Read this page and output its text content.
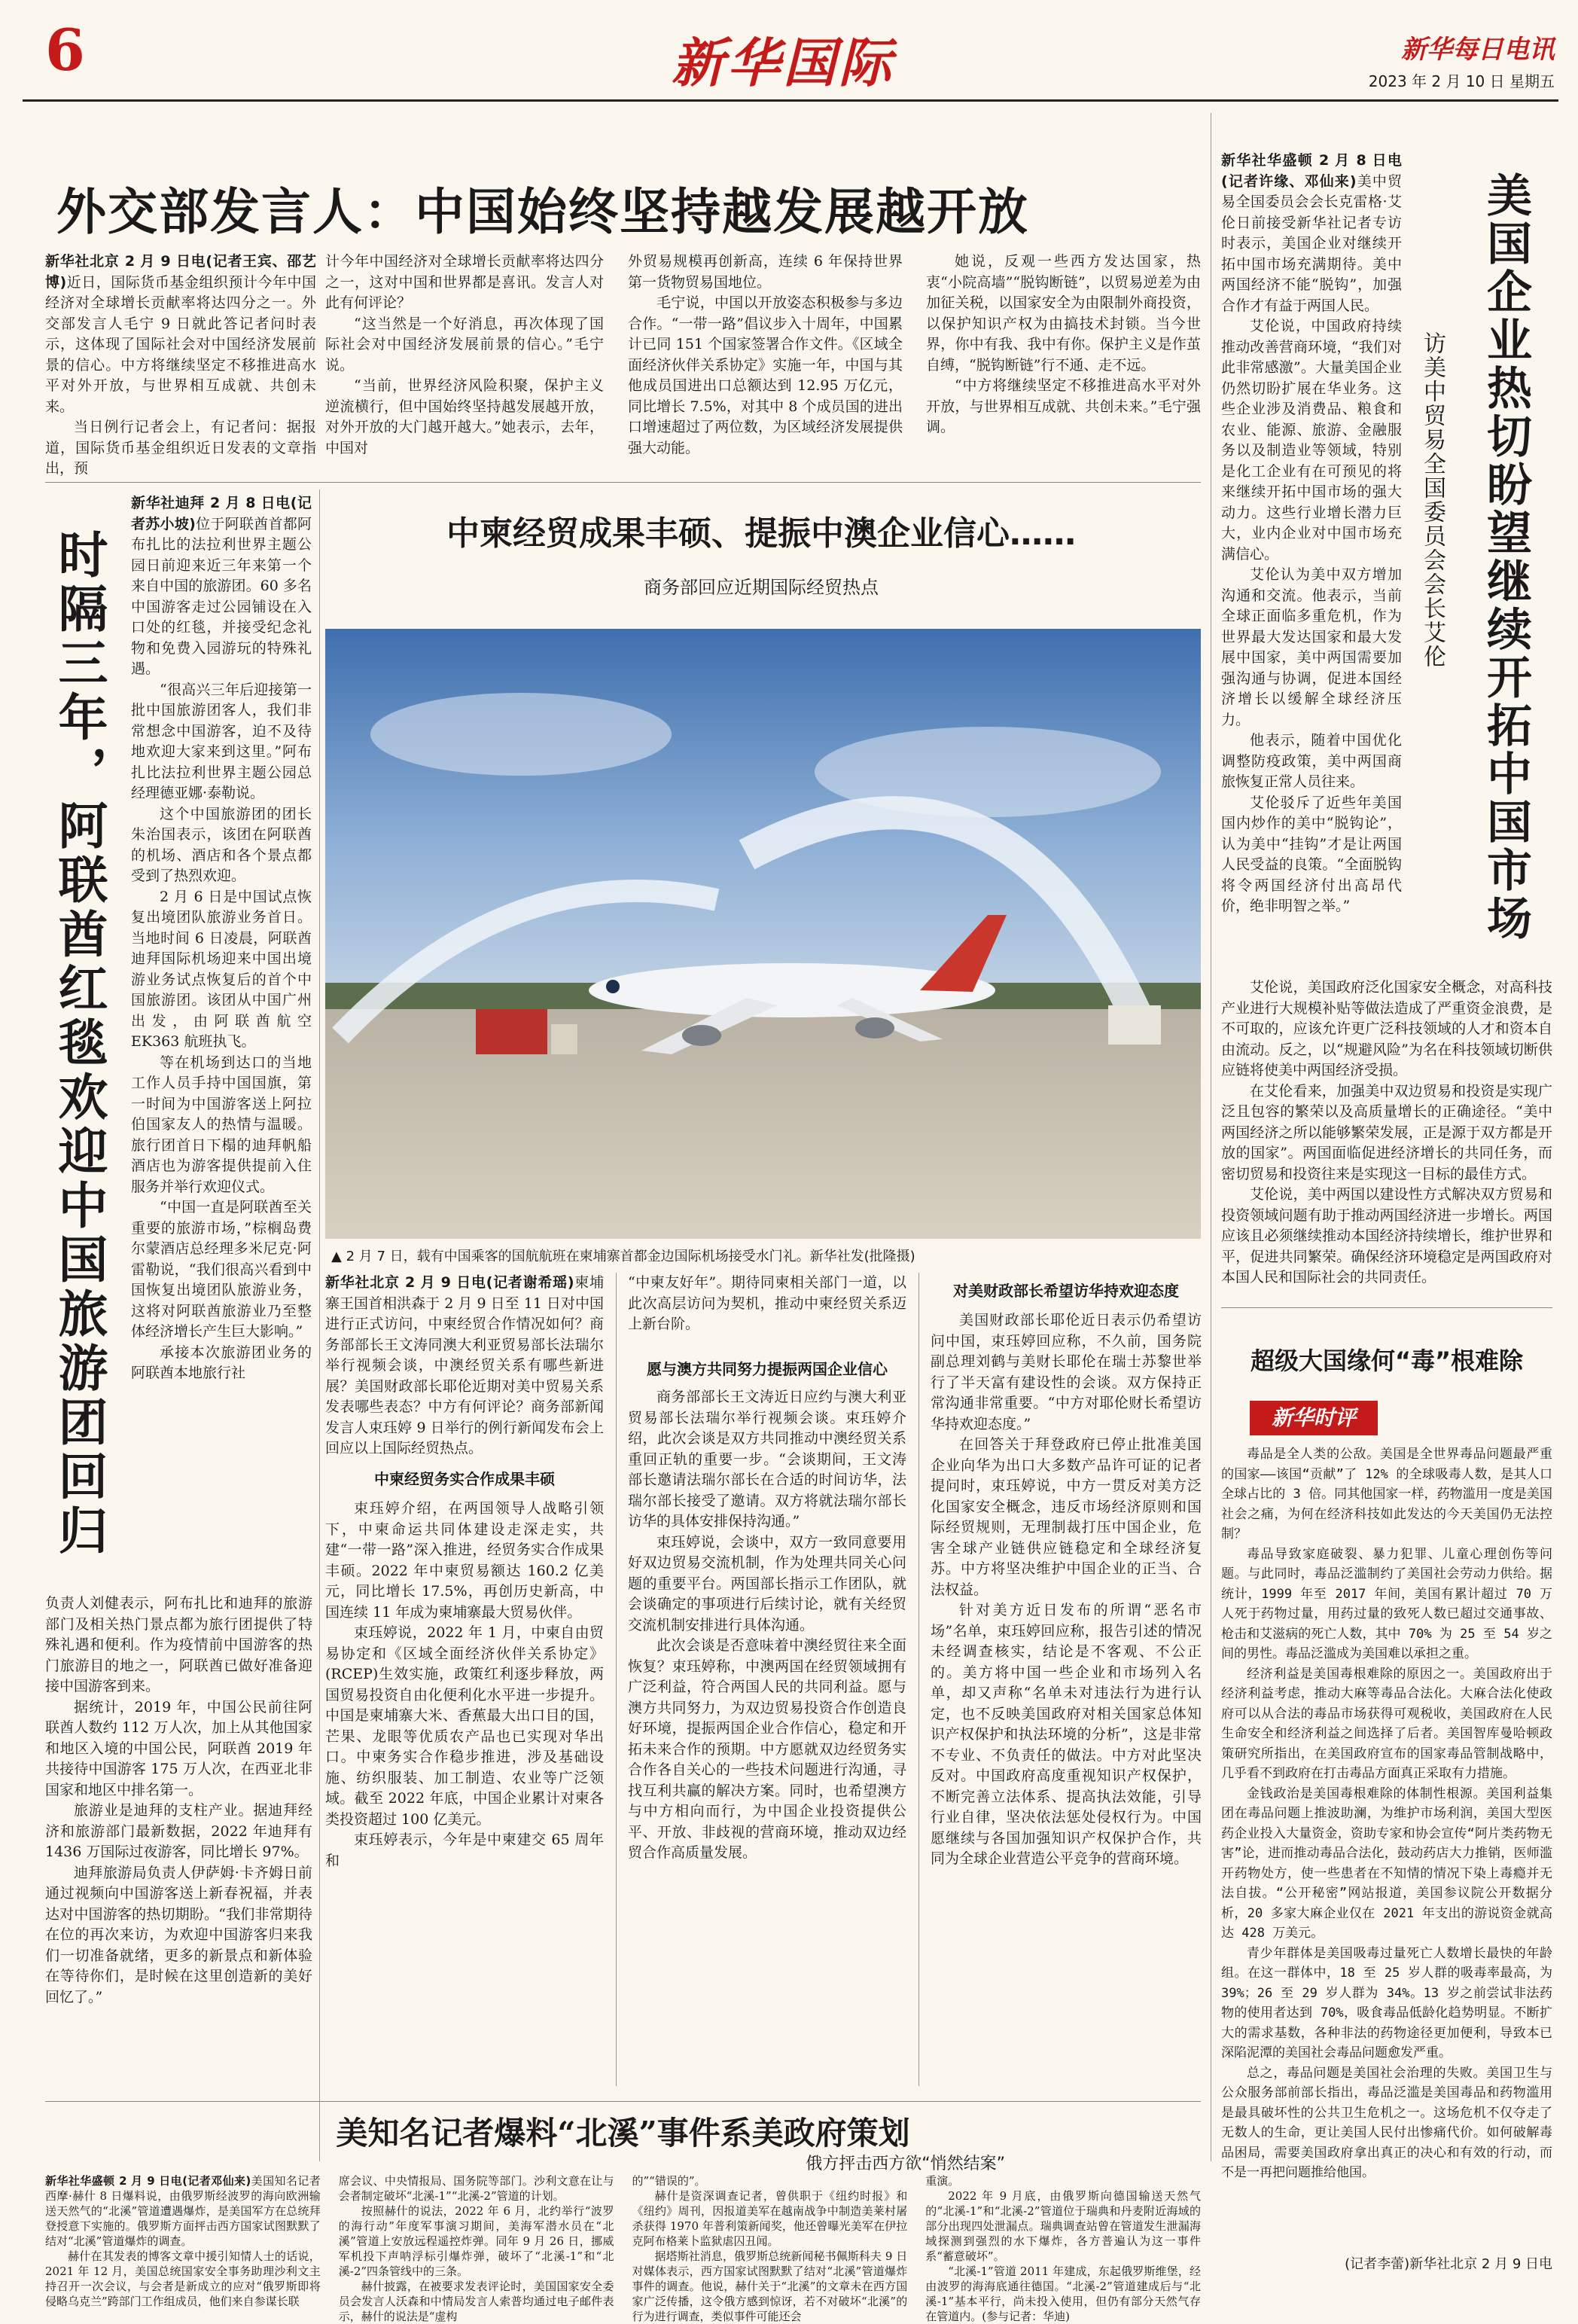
6	新华国际	新华每日电讯
2023 年 2 月 10 日 星期五
外交部发言人：中国始终坚持越发展越开放

新华社北京 2 月 9 日电(记者王宾、邵艺博)近日，国际货币基金组织预计今年中国经济对全球增长贡献率将达四分之一。外交部发言人毛宁 9 日就此答记者问时表示，这体现了国际社会对中国经济发展前景的信心。中方将继续坚定不移推进高水平对外开放，与世界相互成就、共创未来。

当日例行记者会上，有记者问：据报道，国际货币基金组织近日发表的文章指出，预

计今年中国经济对全球增长贡献率将达四分之一，这对中国和世界都是喜讯。发言人对此有何评论？

“这当然是一个好消息，再次体现了国际社会对中国经济发展前景的信心。”毛宁说。

“当前，世界经济风险积聚，保护主义逆流横行，但中国始终坚持越发展越开放，对外开放的大门越开越大。”她表示，去年，中国对

外贸易规模再创新高，连续 6 年保持世界第一货物贸易国地位。

毛宁说，中国以开放姿态积极参与多边合作。“一带一路”倡议步入十周年，中国累计已同 151 个国家签署合作文件。《区域全面经济伙伴关系协定》实施一年，中国与其他成员国进出口总额达到 12.95 万亿元，同比增长 7.5%，对其中 8 个成员国的进出口增速超过了两位数，为区域经济发展提供强大动能。

她说，反观一些西方发达国家，热衷“小院高墙”“脱钩断链”，以贸易逆差为由加征关税，以国家安全为由限制外商投资，以保护知识产权为由搞技术封锁。当今世界，你中有我、我中有你。保护主义是作茧自缚，“脱钩断链”行不通、走不远。

“中方将继续坚定不移推进高水平对外开放，与世界相互成就、共创未来。”毛宁强调。

时隔三年，阿联酋红毯欢迎中国旅游团回归

新华社迪拜 2 月 8 日电(记者苏小坡)位于阿联酋首都阿布扎比的法拉利世界主题公园日前迎来近三年来第一个来自中国的旅游团。60 多名中国游客走过公园铺设在入口处的红毯，并接受纪念礼物和免费入园游玩的特殊礼遇。

“很高兴三年后迎接第一批中国旅游团客人，我们非常想念中国游客，迫不及待地欢迎大家来到这里。”阿布扎比法拉利世界主题公园总经理德亚娜·泰勒说。

这个中国旅游团的团长朱治国表示，该团在阿联酋的机场、酒店和各个景点都受到了热烈欢迎。

2 月 6 日是中国试点恢复出境团队旅游业务首日。当地时间 6 日凌晨，阿联酋迪拜国际机场迎来中国出境游业务试点恢复后的首个中国旅游团。该团从中国广州出发，由阿联酋航空 EK363 航班执飞。

等在机场到达口的当地工作人员手持中国国旗，第一时间为中国游客送上阿拉伯国家友人的热情与温暖。旅行团首日下榻的迪拜帆船酒店也为游客提供提前入住服务并举行欢迎仪式。

“中国一直是阿联酋至关重要的旅游市场，”棕榈岛费尔蒙酒店总经理多米尼克·阿雷勒说，“我们很高兴看到中国恢复出境团队旅游业务，这将对阿联酋旅游业乃至整体经济增长产生巨大影响。”

承接本次旅游团业务的阿联酋本地旅行社

负责人刘健表示，阿布扎比和迪拜的旅游部门及相关热门景点都为旅行团提供了特殊礼遇和便利。作为疫情前中国游客的热门旅游目的地之一，阿联酋已做好准备迎接中国游客到来。

据统计，2019 年，中国公民前往阿联酋人数约 112 万人次，加上从其他国家和地区入境的中国公民，阿联酋 2019 年共接待中国游客 175 万人次，在西亚北非国家和地区中排名第一。

旅游业是迪拜的支柱产业。据迪拜经济和旅游部门最新数据，2022 年迪拜有 1436 万国际过夜游客，同比增长 97%。

迪拜旅游局负责人伊萨姆·卡齐姆日前通过视频向中国游客送上新春祝福，并表达对中国游客的热切期盼。“我们非常期待在位的再次来访，为欢迎中国游客归来我们一切准备就绪，更多的新景点和新体验在等待你们，是时候在这里创造新的美好回忆了。”

中柬经贸成果丰硕、提振中澳企业信心……
商务部回应近期国际经贸热点
▲ 2 月 7 日，载有中国乘客的国航航班在柬埔寨首都金边国际机场接受水门礼。新华社发(批隆摄)

新华社北京 2 月 9 日电(记者谢希瑶)柬埔寨王国首相洪森于 2 月 9 日至 11 日对中国进行正式访问，中柬经贸合作情况如何？商务部部长王文涛同澳大利亚贸易部长法瑞尔举行视频会谈，中澳经贸关系有哪些新进展？美国财政部长耶伦近期对美中贸易关系发表哪些表态？中方有何评论？商务部新闻发言人束珏婷 9 日举行的例行新闻发布会上回应以上国际经贸热点。

中柬经贸务实合作成果丰硕

束珏婷介绍，在两国领导人战略引领下，中柬命运共同体建设走深走实，共建“一带一路”深入推进，经贸务实合作成果丰硕。2022 年中柬贸易额达 160.2 亿美元，同比增长 17.5%，再创历史新高，中国连续 11 年成为柬埔寨最大贸易伙伴。

束珏婷说，2022 年 1 月，中柬自由贸易协定和《区域全面经济伙伴关系协定》(RCEP)生效实施，政策红利逐步释放，两国贸易投资自由化便利化水平进一步提升。中国是柬埔寨大米、香蕉最大出口目的国，芒果、龙眼等优质农产品也已实现对华出口。中柬务实合作稳步推进，涉及基础设施、纺织服装、加工制造、农业等广泛领域。截至 2022 年底，中国企业累计对柬各类投资超过 100 亿美元。

束珏婷表示，今年是中柬建交 65 周年和

“中柬友好年”。期待同柬相关部门一道，以此次高层访问为契机，推动中柬经贸关系迈上新台阶。

愿与澳方共同努力提振两国企业信心

商务部部长王文涛近日应约与澳大利亚贸易部长法瑞尔举行视频会谈。束珏婷介绍，此次会谈是双方共同推动中澳经贸关系重回正轨的重要一步。“会谈期间，王文涛部长邀请法瑞尔部长在合适的时间访华，法瑞尔部长接受了邀请。双方将就法瑞尔部长访华的具体安排保持沟通。”

束珏婷说，会谈中，双方一致同意要用好双边贸易交流机制，作为处理共同关心问题的重要平台。两国部长指示工作团队，就会谈确定的事项进行后续讨论，就有关经贸交流机制安排进行具体沟通。

此次会谈是否意味着中澳经贸往来全面恢复？束珏婷称，中澳两国在经贸领域拥有广泛利益，符合两国人民的共同利益。愿与澳方共同努力，为双边贸易投资合作创造良好环境，提振两国企业合作信心，稳定和开拓未来合作的预期。中方愿就双边经贸务实合作各自关心的一些技术问题进行沟通，寻找互利共赢的解决方案。同时，也希望澳方与中方相向而行，为中国企业投资提供公平、开放、非歧视的营商环境，推动双边经贸合作高质量发展。

对美财政部长希望访华持欢迎态度

美国财政部长耶伦近日表示仍希望访问中国，束珏婷回应称，不久前，国务院副总理刘鹤与美财长耶伦在瑞士苏黎世举行了半天富有建设性的会谈。双方保持正常沟通非常重要。“中方对耶伦财长希望访华持欢迎态度。”

在回答关于拜登政府已停止批准美国企业向华为出口大多数产品许可证的记者提问时，束珏婷说，中方一贯反对美方泛化国家安全概念，违反市场经济原则和国际经贸规则，无理制裁打压中国企业，危害全球产业链供应链稳定和全球经济复苏。中方将坚决维护中国企业的正当、合法权益。

针对美方近日发布的所谓“恶名市场”名单，束珏婷回应称，报告引述的情况未经调查核实，结论是不客观、不公正的。美方将中国一些企业和市场列入名单，却又声称“名单未对违法行为进行认定，也不反映美国政府对相关国家总体知识产权保护和执法环境的分析”，这是非常不专业、不负责任的做法。中方对此坚决反对。中国政府高度重视知识产权保护，不断完善立法体系、提高执法效能，引导行业自律，坚决依法惩处侵权行为。中国愿继续与各国加强知识产权保护合作，共同为全球企业营造公平竞争的营商环境。

新华社华盛顿 2 月 8 日电(记者许缘、邓仙来)美中贸易全国委员会会长克雷格·艾伦日前接受新华社记者专访时表示，美国企业对继续开拓中国市场充满期待。美中两国经济不能“脱钩”，加强合作才有益于两国人民。

艾伦说，中国政府持续推动改善营商环境，“我们对此非常感激”。大量美国企业仍然切盼扩展在华业务。这些企业涉及消费品、粮食和农业、能源、旅游、金融服务以及制造业等领域，特别是化工企业有在可预见的将来继续开拓中国市场的强大动力。这些行业增长潜力巨大，业内企业对中国市场充满信心。

艾伦认为美中双方增加沟通和交流。他表示，当前全球正面临多重危机，作为世界最大发达国家和最大发展中国家，美中两国需要加强沟通与协调，促进本国经济增长以缓解全球经济压力。

他表示，随着中国优化调整防疫政策，美中两国商旅恢复正常人员往来。

艾伦驳斥了近些年美国国内炒作的美中“脱钩论”，认为美中“挂钩”才是让两国人民受益的良策。“全面脱钩将令两国经济付出高昂代价，绝非明智之举。”	美国企业热切盼望继续开拓中国市场
访美中贸易全国委员会会长艾伦

艾伦说，美国政府泛化国家安全概念，对高科技产业进行大规模补贴等做法造成了严重资金浪费，是不可取的，应该允许更广泛科技领域的人才和资本自由流动。反之，以“规避风险”为名在科技领域切断供应链将使美中两国经济受损。

在艾伦看来，加强美中双边贸易和投资是实现广泛且包容的繁荣以及高质量增长的正确途径。“美中两国经济之所以能够繁荣发展，正是源于双方都是开放的国家”。两国面临促进经济增长的共同任务，而密切贸易和投资往来是实现这一目标的最佳方式。

艾伦说，美中两国以建设性方式解决双方贸易和投资领域问题有助于推动两国经济进一步增长。两国应该且必须继续推动本国经济持续增长，维护世界和平，促进共同繁荣。确保经济环境稳定是两国政府对本国人民和国际社会的共同责任。

超级大国缘何“毒”根难除
新华时评

毒品是全人类的公敌。美国是全世界毒品问题最严重的国家——该国“贡献”了 12% 的全球吸毒人数，是其人口全球占比的 3 倍。同其他国家一样，药物滥用一度是美国社会之痛，为何在经济科技如此发达的今天美国仍无法控制？

毒品导致家庭破裂、暴力犯罪、儿童心理创伤等问题。与此同时，毒品泛滥制约了美国社会劳动力供给。据统计，1999 年至 2017 年间，美国有累计超过 70 万人死于药物过量，用药过量的致死人数已超过交通事故、枪击和艾滋病的死亡人数，其中 70% 为 25 至 54 岁之间的男性。毒品泛滥成为美国难以承担之重。

经济利益是美国毒根难除的原因之一。美国政府出于经济利益考虑，推动大麻等毒品合法化。大麻合法化使政府可以从合法的毒品市场获得可观税收，美国政府在人民生命安全和经济利益之间选择了后者。美国智库曼哈顿政策研究所指出，在美国政府宣布的国家毒品管制战略中，几乎看不到政府在打击毒品方面真正采取有力措施。

金钱政治是美国毒根难除的体制性根源。美国利益集团在毒品问题上推波助澜，为维护市场利润，美国大型医药企业投入大量资金，资助专家和协会宣传“阿片类药物无害”论，进而推动毒品合法化，鼓动药店大力推销，医师滥开药物处方，使一些患者在不知情的情况下染上毒瘾并无法自拔。“公开秘密”网站报道，美国参议院公开数据分析，20 多家大麻企业仅在 2021 年支出的游说资金就高达 428 万美元。

青少年群体是美国吸毒过量死亡人数增长最快的年龄组。在这一群体中，18 至 25 岁人群的吸毒率最高，为 39%；26 至 29 岁人群为 34%。13 岁之前尝试非法药物的使用者达到 70%，吸食毒品低龄化趋势明显。不断扩大的需求基数，各种非法的药物途径更加便利，导致本已深陷泥潭的美国社会毒品问题愈发严重。

总之，毒品问题是美国社会治理的失败。美国卫生与公众服务部前部长指出，毒品泛滥是美国毒品和药物滥用是最具破坏性的公共卫生危机之一。这场危机不仅夺走了无数人的生命，更让美国人民付出惨痛代价。如何破解毒品困局，需要美国政府拿出真正的决心和有效的行动，而不是一再把问题推给他国。

(记者李蕾)新华社北京 2 月 9 日电
美知名记者爆料“北溪”事件系美政府策划
俄方抨击西方欲“悄然结案”

新华社华盛顿 2 月 9 日电(记者邓仙来)美国知名记者西摩·赫什 8 日爆料说，由俄罗斯经波罗的海向欧洲输送天然气的“北溪”管道遭遇爆炸，是美国军方在总统拜登授意下实施的。俄罗斯方面抨击西方国家试图默默了结对“北溪”管道爆炸的调查。

赫什在其发表的博客文章中援引知情人士的话说，2021 年 12 月，美国总统国家安全事务助理沙利文主持召开一次会议，与会者是新成立的应对“俄罗斯即将侵略乌克兰”跨部门工作组成员，他们来自参谋长联

席会议、中央情报局、国务院等部门。沙利文意在让与会者制定破坏“北溪-1”“北溪-2”管道的计划。

按照赫什的说法，2022 年 6 月，北约举行“波罗的海行动”年度军事演习期间，美海军潜水员在“北溪”管道上安放远程遥控炸弹。同年 9 月 26 日，挪威军机投下声呐浮标引爆炸弹，破坏了“北溪-1”和“北溪-2”四条管线中的三条。

赫什披露，在被要求发表评论时，美国国家安全委员会发言人沃森和中情局发言人索普均通过电子邮件表示，赫什的说法是“虚构

的”“错误的”。

赫什是资深调查记者，曾供职于《纽约时报》和《纽约》周刊，因报道美军在越南战争中制造美莱村屠杀获得 1970 年普利策新闻奖，他还曾曝光美军在伊拉克阿布格莱卜监狱虐囚丑闻。

据塔斯社消息，俄罗斯总统新闻秘书佩斯科夫 9 日对媒体表示，西方国家试图默默了结对“北溪”管道爆炸事件的调查。他说，赫什关于“北溪”的文章未在西方国家广泛传播，这令俄方感到惊讶，若不对破坏“北溪”的行为进行调查，类似事件可能还会

重演。

2022 年 9 月底，由俄罗斯向德国输送天然气的“北溪-1”和“北溪-2”管道位于瑞典和丹麦附近海域的部分出现四处泄漏点。瑞典调查站曾在管道发生泄漏海域探测到强烈的水下爆炸，各方普遍认为这一事件系“蓄意破坏”。

“北溪-1”管道 2011 年建成，东起俄罗斯维堡，经由波罗的海海底通往德国。“北溪-2”管道建成后与“北溪-1”基本平行，尚未投入使用，但仍有部分天然气存在管道内。(参与记者：华迪)
